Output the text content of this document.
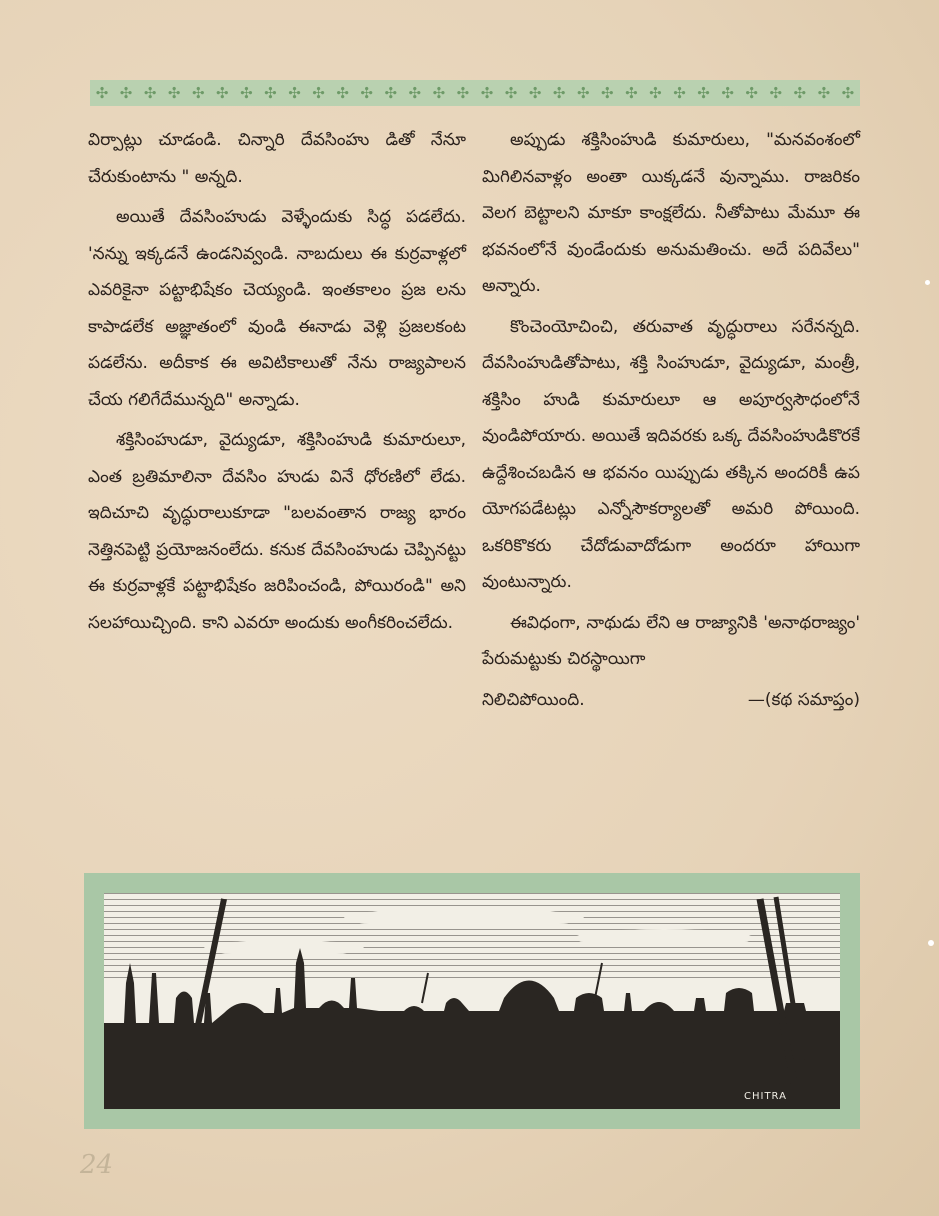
✣ ✣ ✣ ✣ ✣ ✣ ✣ ✣ ✣ ✣ ✣ ✣ ✣ ✣ ✣ ✣ ✣ ✣ ✣ ✣ ✣ ✣ ✣ ✣ ✣ ✣ ✣ ✣ ✣ ✣ ✣ ✣

విర్పాట్లు చూడండి. చిన్నారి దేవసింహు డితో నేనూ చేరుకుంటాను " అన్నది.

అయితే దేవసింహుడు వెళ్ళేందుకు సిద్ధ పడలేదు. 'నన్ను ఇక్కడనే ఉండనివ్వండి. నాబదులు ఈ కుర్రవాళ్లలో ఎవరికైనా పట్టాభిషేకం చెయ్యండి. ఇంతకాలం ప్రజ లను కాపాడలేక అజ్ఞాతంలో వుండి ఈనాడు వెళ్లి ప్రజలకంట పడలేను. అదీకాక ఈ అవిటికాలుతో నేను రాజ్యపాలన చేయ గలిగేదేమున్నది" అన్నాడు.

శక్తిసింహుడూ, వైద్యుడూ, శక్తిసింహుడి కుమారులూ, ఎంత బ్రతిమాలినా దేవసిం హుడు వినే ధోరణిలో లేడు. ఇదిచూచి వృద్ధురాలుకూడా "బలవంతాన రాజ్య భారం నెత్తినపెట్టి ప్రయోజనంలేదు. కనుక దేవసింహుడు చెప్పినట్టు ఈ కుర్రవాళ్లకే పట్టాభిషేకం జరిపించండి, పోయిరండి" అని సలహాయిచ్చింది. కాని ఎవరూ అందుకు అంగీకరించలేదు.

అప్పుడు శక్తిసింహుడి కుమారులు, "మనవంశంలో మిగిలినవాళ్లం అంతా యిక్కడనే వున్నాము. రాజరికం వెలగ బెట్టాలని మాకూ కాంక్షలేదు. నీతోపాటు మేమూ ఈ భవనంలోనే వుండేందుకు అనుమతించు. అదే పదివేలు" అన్నారు.

కొంచెంయోచించి, తరువాత వృద్ధురాలు సరేనన్నది. దేవసింహుడితోపాటు, శక్తి సింహుడూ, వైద్యుడూ, మంత్రీ, శక్తిసిం హుడి కుమారులూ ఆ అపూర్వసౌధంలోనే వుండిపోయారు. అయితే ఇదివరకు ఒక్క దేవసింహుడికొరకే ఉద్దేశించబడిన ఆ భవనం యిప్పుడు తక్కిన అందరికీ ఉప యోగపడేటట్లు ఎన్నోసౌకర్యాలతో అమరి పోయింది. ఒకరికొకరు చేదోడువాదోడుగా అందరూ హాయిగా వుంటున్నారు.

ఈవిధంగా, నాథుడు లేని ఆ రాజ్యానికి 'అనాథరాజ్యం' పేరుమట్టుకు చిరస్థాయిగా

నిలిచిపోయింది.	—(కథ సమాప్తం)
CHITRA
24
